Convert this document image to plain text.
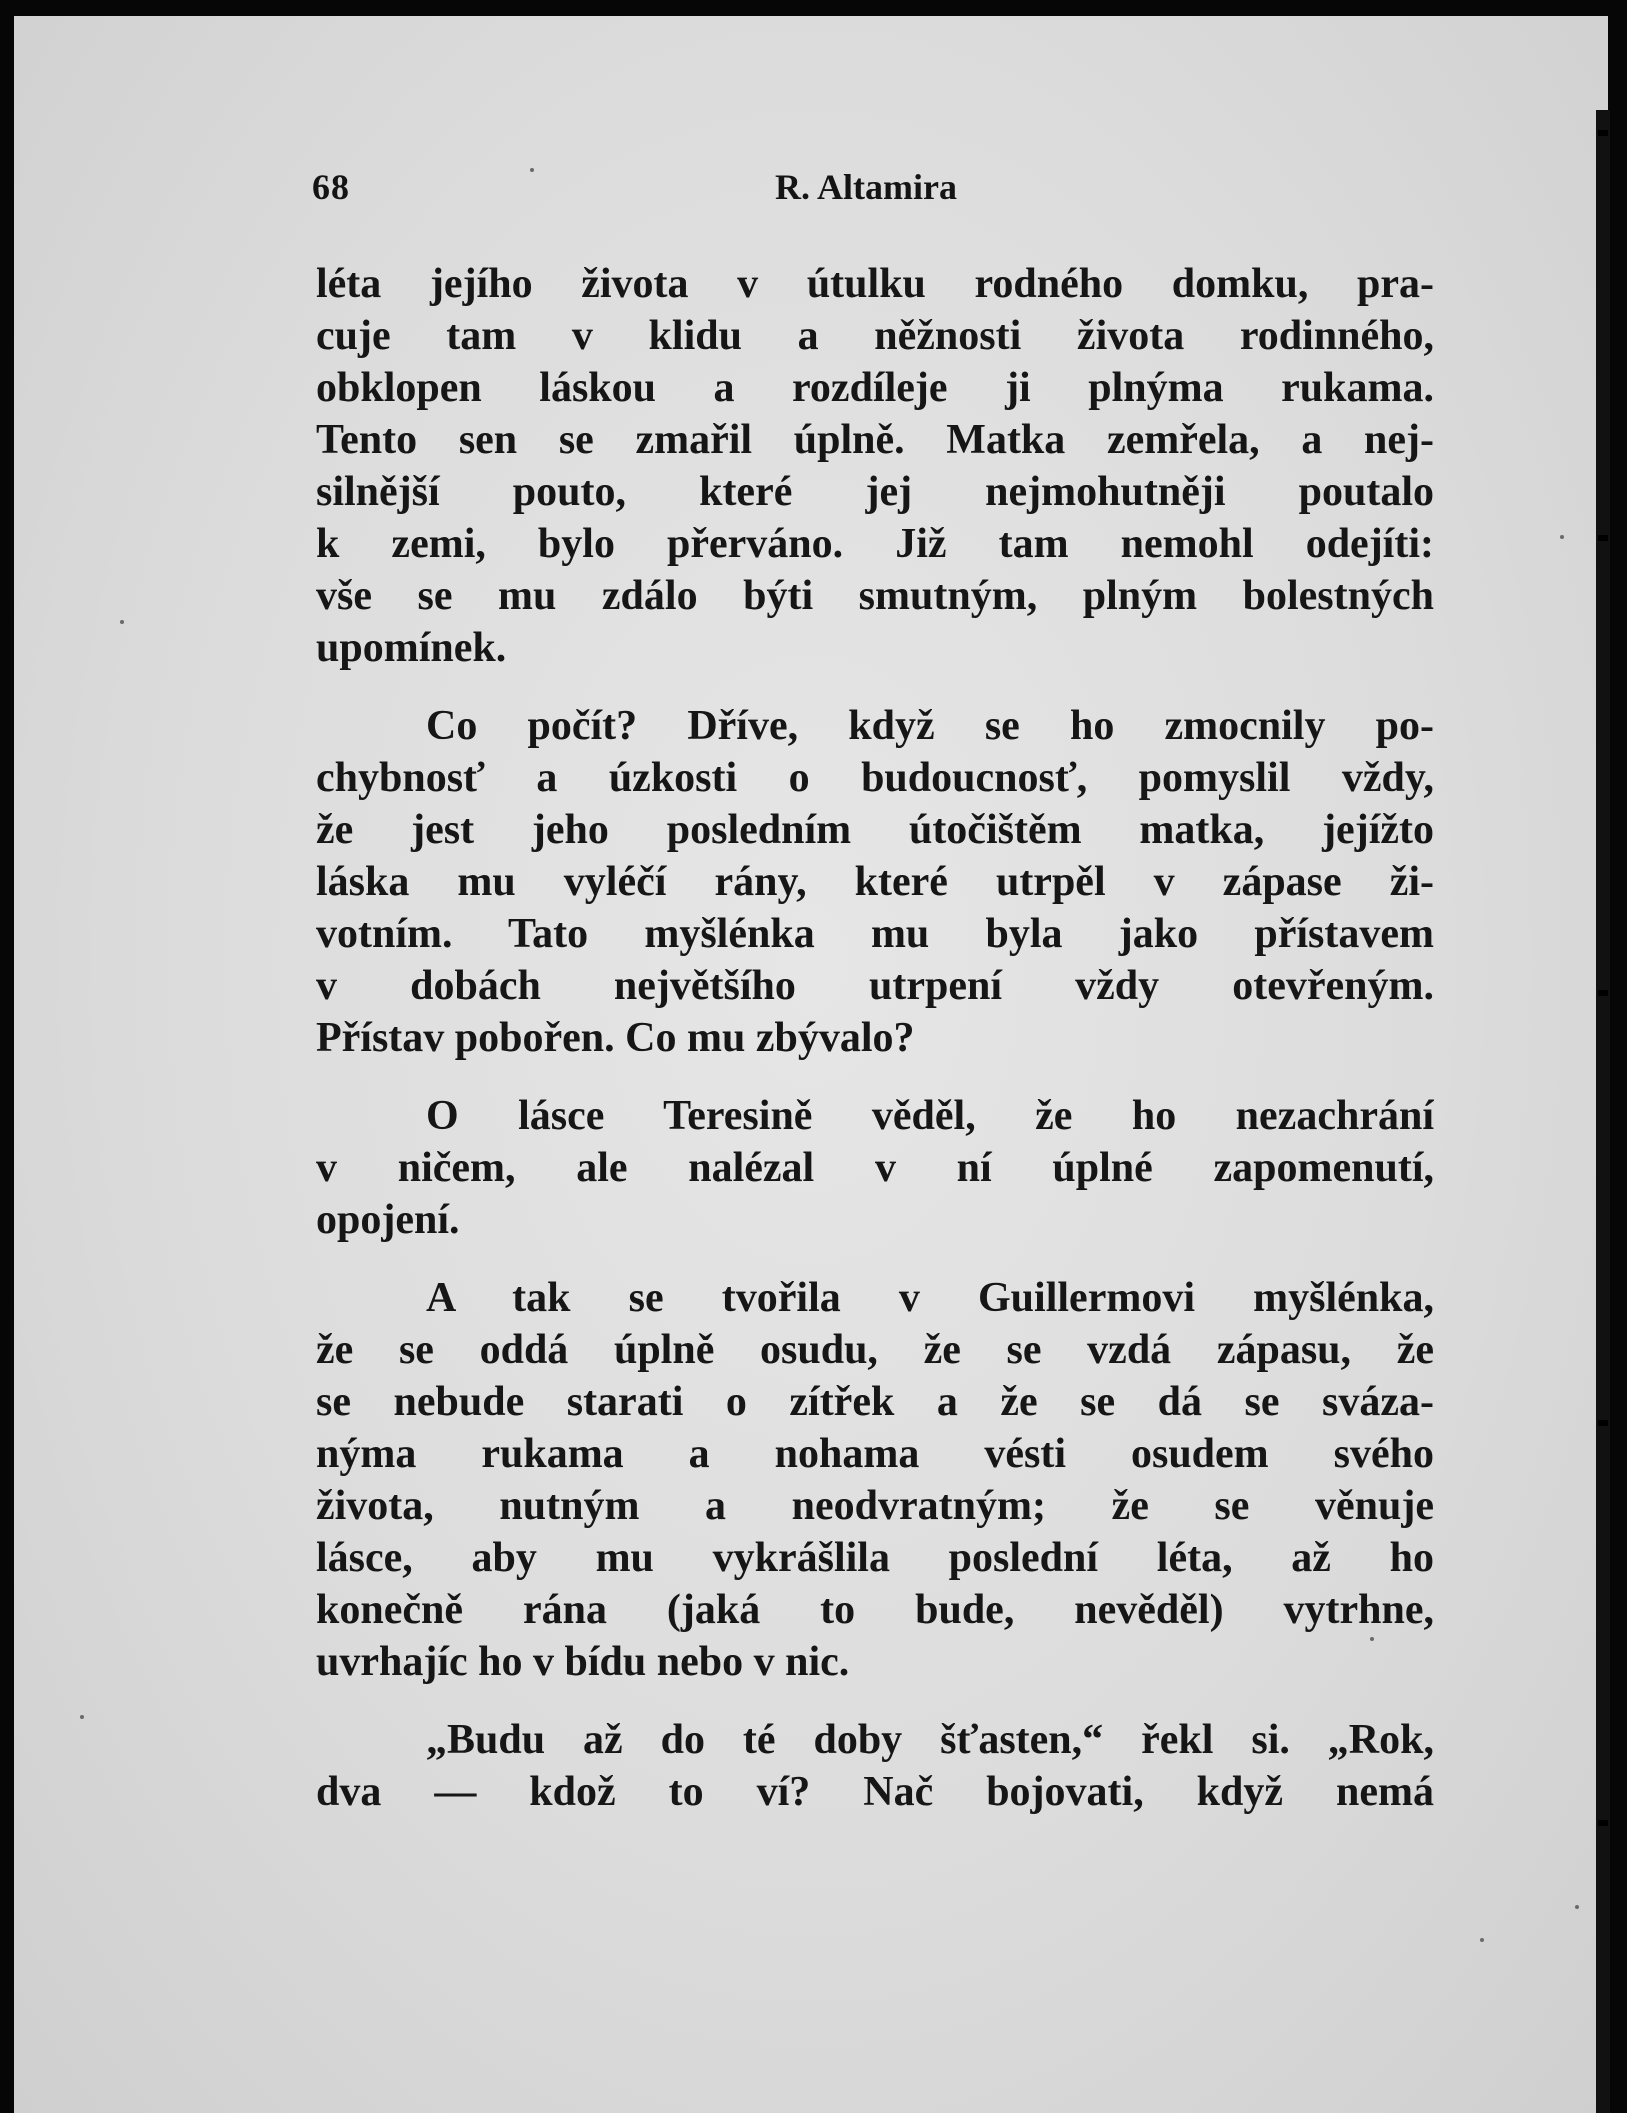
68	R. Altamira
léta jejího života v útulku rodného domku, pra-
cuje tam v klidu a něžnosti života rodinného,
obklopen láskou a rozdíleje ji plnýma rukama.
Tento sen se zmařil úplně. Matka zemřela, a nej-
silnější pouto, které jej nejmohutněji poutalo
k zemi, bylo přerváno. Již tam nemohl odejíti:
vše se mu zdálo býti smutným, plným bolestných
upomínek.
Co počít? Dříve, když se ho zmocnily po-
chybnosť a úzkosti o budoucnosť, pomyslil vždy,
že jest jeho posledním útočištěm matka, jejížto
láska mu vyléčí rány, které utrpěl v zápase ži-
votním. Tato myšlénka mu byla jako přístavem
v dobách největšího utrpení vždy otevřeným.
Přístav pobořen. Co mu zbývalo?
O lásce Teresině věděl, že ho nezachrání
v ničem, ale nalézal v ní úplné zapomenutí,
opojení.
A tak se tvořila v Guillermovi myšlénka,
že se oddá úplně osudu, že se vzdá zápasu, že
se nebude starati o zítřek a že se dá se sváza-
nýma rukama a nohama vésti osudem svého
života, nutným a neodvratným; že se věnuje
lásce, aby mu vykrášlila poslední léta, až ho
konečně rána (jaká to bude, nevěděl) vytrhne,
uvrhajíc ho v bídu nebo v nic.
„Budu až do té doby šťasten,“ řekl si. „Rok,
dva — kdož to ví? Nač bojovati, když nemá
